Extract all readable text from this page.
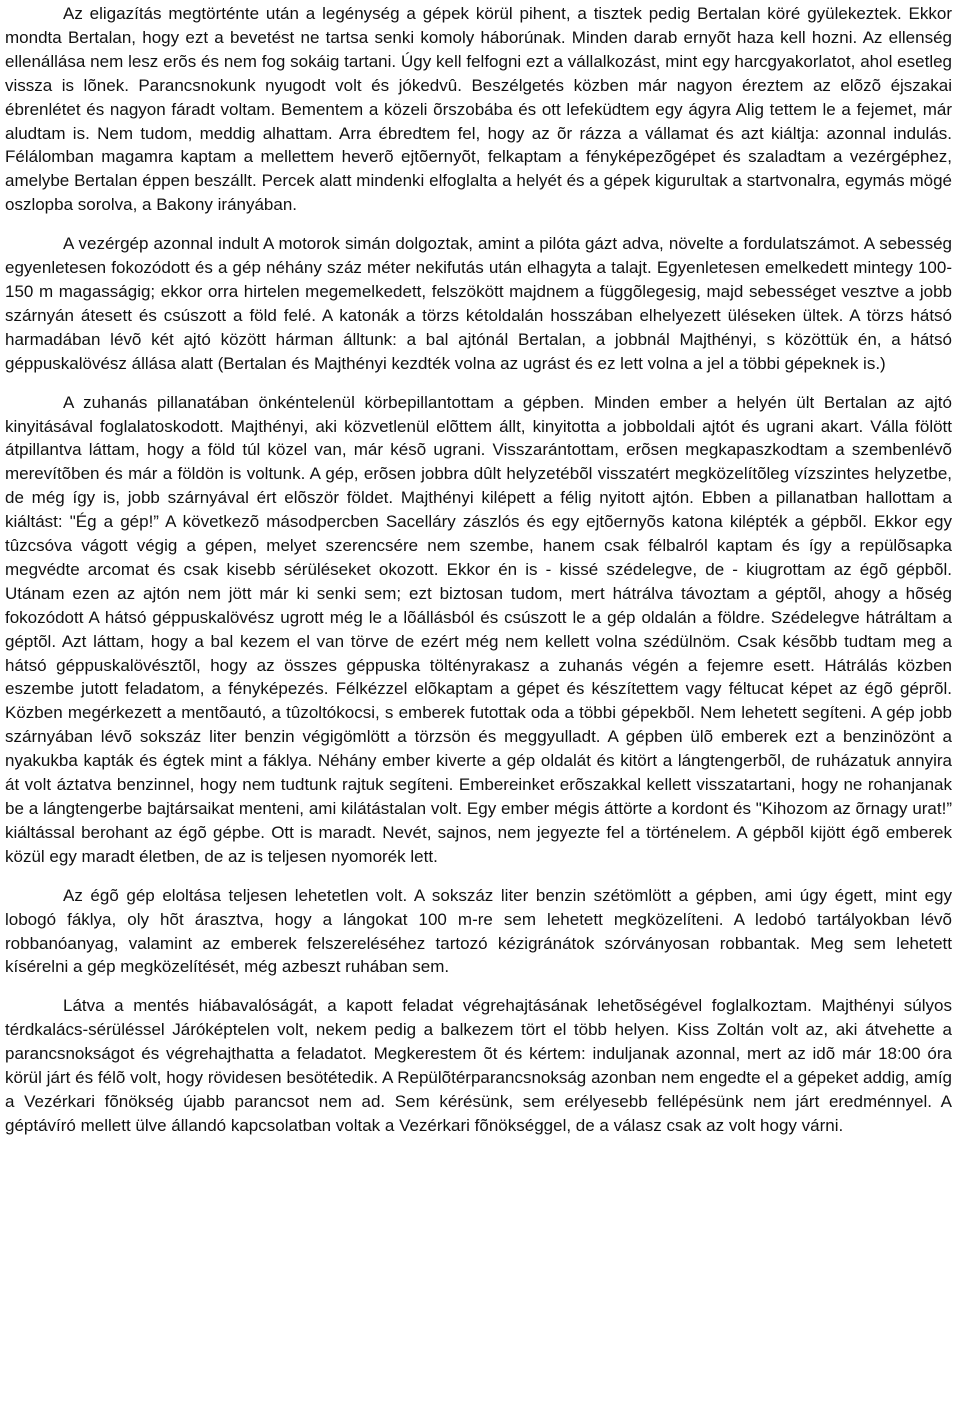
Az eligazítás megtörténte után a legénység a gépek körül pihent, a tisztek pedig Bertalan köré gyülekeztek. Ekkor mondta Bertalan, hogy ezt a bevetést ne tartsa senki komoly háborúnak. Minden darab ernyõt haza kell hozni. Az ellenség ellenállása nem lesz erõs és nem fog sokáig tartani. Úgy kell felfogni ezt a vállalkozást, mint egy harcgyakorlatot, ahol esetleg vissza is lõnek. Parancsnokunk nyugodt volt és jókedvû. Beszélgetés közben már nagyon éreztem az elõzõ éjszakai ébrenlétet és nagyon fáradt voltam. Bementem a közeli õrszobába és ott lefeküdtem egy ágyra Alig tettem le a fejemet, már aludtam is. Nem tudom, meddig alhattam. Arra ébredtem fel, hogy az õr rázza a vállamat és azt kiáltja: azonnal indulás. Félálomban magamra kaptam a mellettem heverõ ejtõernyõt, felkaptam a fényképezõgépet és szaladtam a vezérgéphez, amelybe Bertalan éppen beszállt. Percek alatt mindenki elfoglalta a helyét és a gépek kigurultak a startvonalra, egymás mögé oszlopba sorolva, a Bakony irányában.

A vezérgép azonnal indult A motorok simán dolgoztak, amint a pilóta gázt adva, növelte a fordulatszámot. A sebesség egyenletesen fokozódott és a gép néhány száz méter nekifutás után elhagyta a talajt. Egyenletesen emelkedett mintegy 100-150 m magasságig; ekkor orra hirtelen megemelkedett, felszökött majdnem a függõlegesig, majd sebességet vesztve a jobb szárnyán átesett és csúszott a föld felé. A katonák a törzs kétoldalán hosszában elhelyezett üléseken ültek. A törzs hátsó harmadában lévõ két ajtó között hárman álltunk: a bal ajtónál Bertalan, a jobbnál Majthényi, s közöttük én, a hátsó géppuskalövész állása alatt (Bertalan és Majthényi kezdték volna az ugrást és ez lett volna a jel a többi gépeknek is.)

A zuhanás pillanatában önkéntelenül körbepillantottam a gépben. Minden ember a helyén ült Bertalan az ajtó kinyitásával foglalatoskodott. Majthényi, aki közvetlenül elõttem állt, kinyitotta a jobboldali ajtót és ugrani akart. Válla fölött átpillantva láttam, hogy a föld túl közel van, már késõ ugrani. Visszarántottam, erõsen megkapaszkodtam a szembenlévõ merevítõben és már a földön is voltunk. A gép, erõsen jobbra dûlt helyzetébõl visszatért megközelítõleg vízszintes helyzetbe, de még így is, jobb szárnyával ért elõször földet. Majthényi kilépett a félig nyitott ajtón. Ebben a pillanatban hallottam a kiáltást: "Ég a gép!” A következõ másodpercben Sacelláry zászlós és egy ejtõernyõs katona kilépték a gépbõl. Ekkor egy tûzcsóva vágott végig a gépen, melyet szerencsére nem szembe, hanem csak félbalról kaptam és így a repülõsapka megvédte arcomat és csak kisebb sérüléseket okozott. Ekkor én is - kissé szédelegve, de - kiugrottam az égõ gépbõl. Utánam ezen az ajtón nem jött már ki senki sem; ezt biztosan tudom, mert hátrálva távoztam a géptõl, ahogy a hõség fokozódott A hátsó géppuskalövész ugrott még le a lõállásból és csúszott le a gép oldalán a földre. Szédelegve hátráltam a géptõl. Azt láttam, hogy a bal kezem el van törve de ezért még nem kellett volna szédülnöm. Csak késõbb tudtam meg a hátsó géppuskalövésztõl, hogy az összes géppuska töltényrakasz a zuhanás végén a fejemre esett. Hátrálás közben eszembe jutott feladatom, a fényképezés. Félkézzel elõkaptam a gépet és készítettem vagy féltucat képet az égõ géprõl. Közben megérkezett a mentõautó, a tûzoltókocsi, s emberek futottak oda a többi gépekbõl. Nem lehetett segíteni. A gép jobb szárnyában lévõ sokszáz liter benzin végigömlött a törzsön és meggyulladt. A gépben ülõ emberek ezt a benzinözönt a nyakukba kapták és égtek mint a fáklya. Néhány ember kiverte a gép oldalát és kitört a lángtengerbõl, de ruházatuk annyira át volt áztatva benzinnel, hogy nem tudtunk rajtuk segíteni. Embereinket erõszakkal kellett visszatartani, hogy ne rohanjanak be a lángtengerbe bajtársaikat menteni, ami kilátástalan volt. Egy ember mégis áttörte a kordont és "Kihozom az õrnagy urat!” kiáltással berohant az égõ gépbe. Ott is maradt. Nevét, sajnos, nem jegyezte fel a történelem. A gépbõl kijött égõ emberek közül egy maradt életben, de az is teljesen nyomorék lett.

Az égõ gép eloltása teljesen lehetetlen volt. A sokszáz liter benzin szétömlött a gépben, ami úgy égett, mint egy lobogó fáklya, oly hõt árasztva, hogy a lángokat 100 m-re sem lehetett megközelíteni. A ledobó tartályokban lévõ robbanóanyag, valamint az emberek felszereléséhez tartozó kézigránátok szórványosan robbantak. Meg sem lehetett kísérelni a gép megközelítését, még azbeszt ruhában sem.

Látva a mentés hiábavalóságát, a kapott feladat végrehajtásának lehetõségével foglalkoztam. Majthényi súlyos térdkalács-sérüléssel Járóképtelen volt, nekem pedig a balkezem tört el több helyen. Kiss Zoltán volt az, aki átvehette a parancsnokságot és végrehajthatta a feladatot. Megkerestem õt és kértem: induljanak azonnal, mert az idõ már 18:00 óra körül járt és félõ volt, hogy rövidesen besötétedik. A Repülõtérparancsnokság azonban nem engedte el a gépeket addig, amíg a Vezérkari fõnökség újabb parancsot nem ad. Sem kérésünk, sem erélyesebb fellépésünk nem járt eredménnyel. A géptávíró mellett ülve állandó kapcsolatban voltak a Vezérkari fõnökséggel, de a válasz csak az volt hogy várni.
